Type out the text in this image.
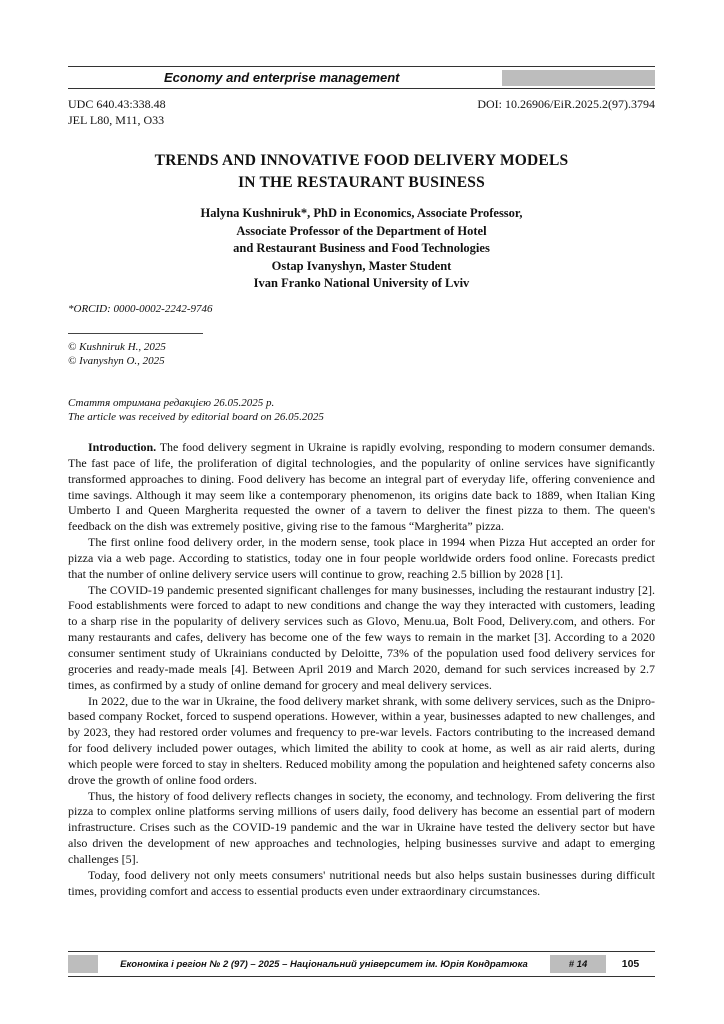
Economy and enterprise management
UDC 640.43:338.48
JEL L80, M11, O33
DOI: 10.26906/EiR.2025.2(97).3794
TRENDS AND INNOVATIVE FOOD DELIVERY MODELS
IN THE RESTAURANT BUSINESS
Halyna Kushniruk*, PhD in Economics, Associate Professor,
Associate Professor of the Department of Hotel
and Restaurant Business and Food Technologies
Ostap Ivanyshyn, Master Student
Ivan Franko National University of Lviv
*ORCID: 0000-0002-2242-9746
© Kushniruk H., 2025
© Ivanyshyn O., 2025
Стаття отримана редакцією 26.05.2025 р.
The article was received by editorial board on 26.05.2025

Introduction. The food delivery segment in Ukraine is rapidly evolving, responding to modern consumer demands. The fast pace of life, the proliferation of digital technologies, and the popularity of online services have significantly transformed approaches to dining. Food delivery has become an integral part of everyday life, offering convenience and time savings. Although it may seem like a contemporary phenomenon, its origins date back to 1889, when Italian King Umberto I and Queen Margherita requested the owner of a tavern to deliver the finest pizza to them. The queen's feedback on the dish was extremely positive, giving rise to the famous “Margherita” pizza.

The first online food delivery order, in the modern sense, took place in 1994 when Pizza Hut accepted an order for pizza via a web page. According to statistics, today one in four people worldwide orders food online. Forecasts predict that the number of online delivery service users will continue to grow, reaching 2.5 billion by 2028 [1].

The COVID-19 pandemic presented significant challenges for many businesses, including the restaurant industry [2]. Food establishments were forced to adapt to new conditions and change the way they interacted with customers, leading to a sharp rise in the popularity of delivery services such as Glovo, Menu.ua, Bolt Food, Delivery.com, and others. For many restaurants and cafes, delivery has become one of the few ways to remain in the market [3]. According to a 2020 consumer sentiment study of Ukrainians conducted by Deloitte, 73% of the population used food delivery services for groceries and ready-made meals [4]. Between April 2019 and March 2020, demand for such services increased by 2.7 times, as confirmed by a study of online demand for grocery and meal delivery services.

In 2022, due to the war in Ukraine, the food delivery market shrank, with some delivery services, such as the Dnipro-based company Rocket, forced to suspend operations. However, within a year, businesses adapted to new challenges, and by 2023, they had restored order volumes and frequency to pre-war levels. Factors contributing to the increased demand for food delivery included power outages, which limited the ability to cook at home, as well as air raid alerts, during which people were forced to stay in shelters. Reduced mobility among the population and heightened safety concerns also drove the growth of online food orders.

Thus, the history of food delivery reflects changes in society, the economy, and technology. From delivering the first pizza to complex online platforms serving millions of users daily, food delivery has become an essential part of modern infrastructure. Crises such as the COVID-19 pandemic and the war in Ukraine have tested the delivery sector but have also driven the development of new approaches and technologies, helping businesses survive and adapt to emerging challenges [5].

Today, food delivery not only meets consumers' nutritional needs but also helps sustain businesses during difficult times, providing comfort and access to essential products even under extraordinary circumstances.

Економіка і регіон № 2 (97) – 2025 – Національний університет ім. Юрія Кондратюка	# 14	105
